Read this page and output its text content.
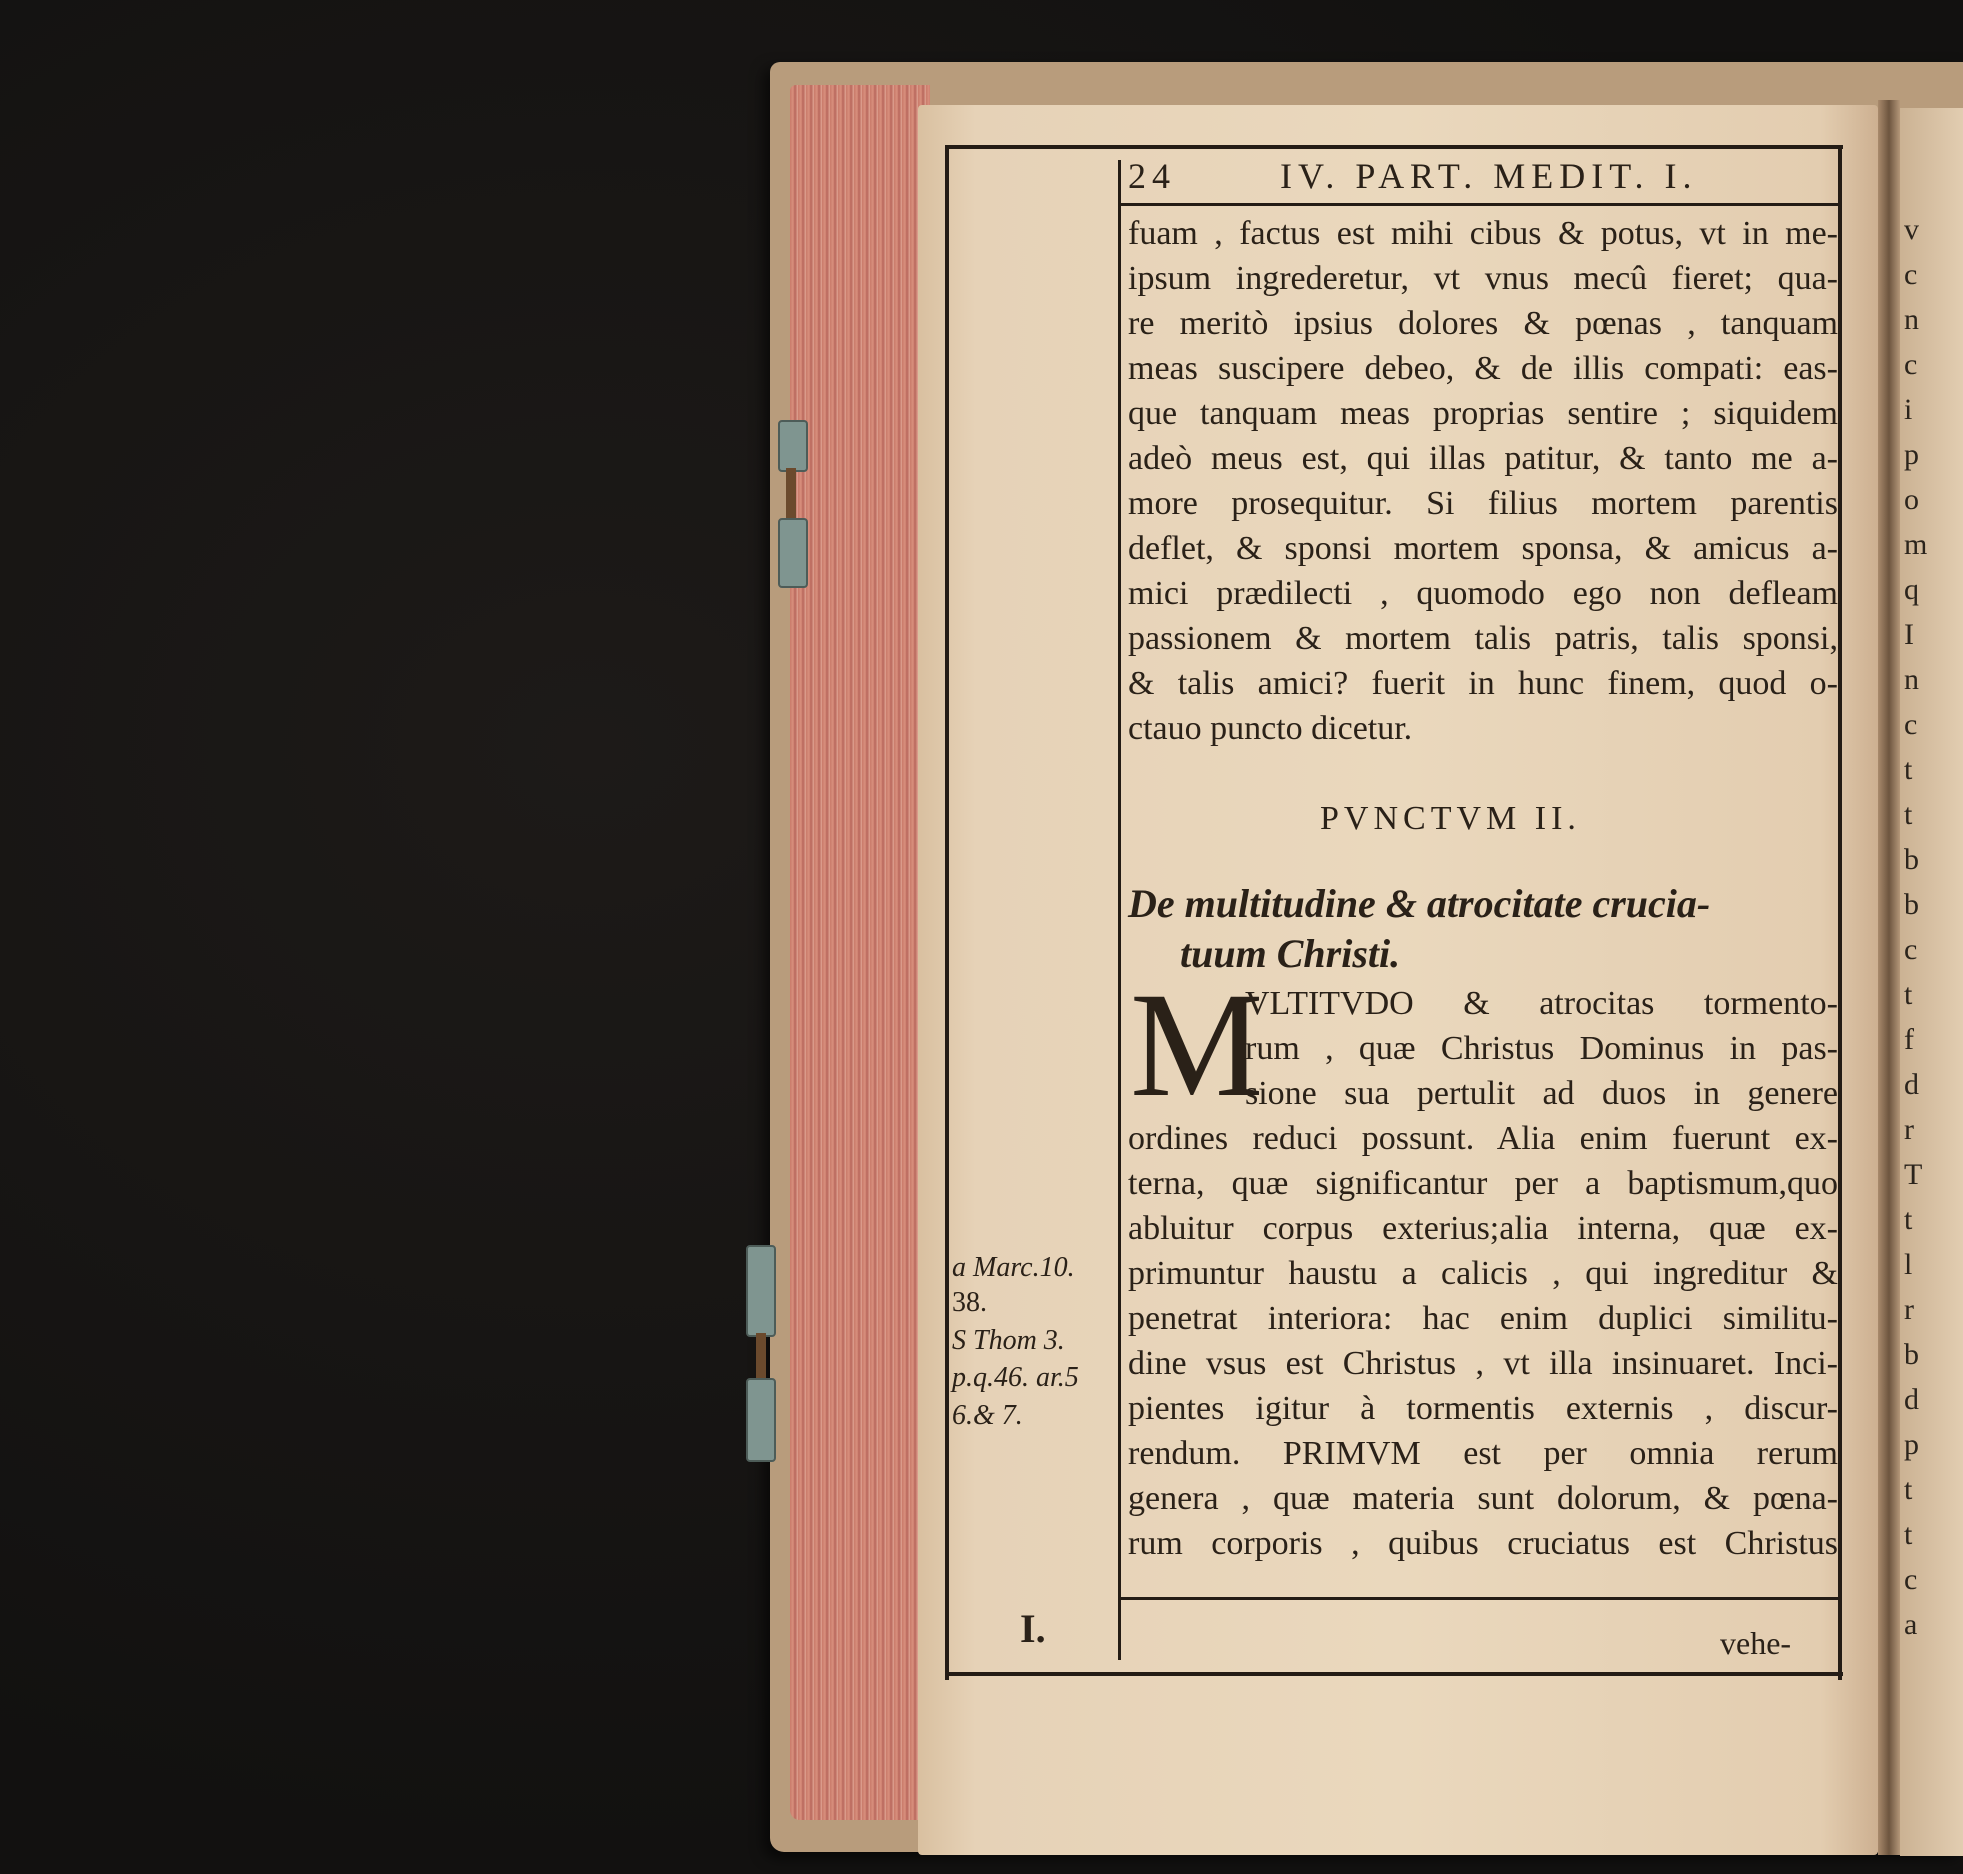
v
c
n
c
i
p
o
m
q
I
n
c
t
t
b
b
c
t
f
d
r
T
t
l
r
b
d
p
t
t
c
a
24	IV. PART. MEDIT. I.
fuam , factus est mihi cibus & potus, vt in me-
ipsum ingrederetur, vt vnus mecû fieret; qua-
re meritò ipsius dolores & pœnas , tanquam
meas suscipere debeo, & de illis compati: eas-
que tanquam meas proprias sentire ; siquidem
adeò meus est, qui illas patitur, & tanto me a-
more prosequitur. Si filius mortem parentis
deflet, & sponsi mortem sponsa, & amicus a-
mici prædilecti , quomodo ego non defleam
passionem & mortem talis patris, talis sponsi,
& talis amici? fuerit in hunc finem, quod o-
ctauo puncto dicetur.
PVNCTVM II.
De multitudine & atrocitate crucia-
tuum Christi.
M
VLTITVDO & atrocitas tormento-
rum , quæ Christus Dominus in pas-
sione sua pertulit ad duos in genere
ordines reduci possunt. Alia enim fuerunt ex-
terna, quæ significantur per a baptismum,quo
abluitur corpus exterius;alia interna, quæ ex-
primuntur haustu a calicis , qui ingreditur &
penetrat interiora: hac enim duplici similitu-
dine vsus est Christus , vt illa insinuaret. Inci-
pientes igitur à tormentis externis , discur-
rendum. PRIMVM est per omnia rerum
genera , quæ materia sunt dolorum, & pœna-
rum corporis , quibus cruciatus est Christus
a Marc.10.
38.
S Thom 3.
p.q.46. ar.5
6.& 7.
I.	vehe-
